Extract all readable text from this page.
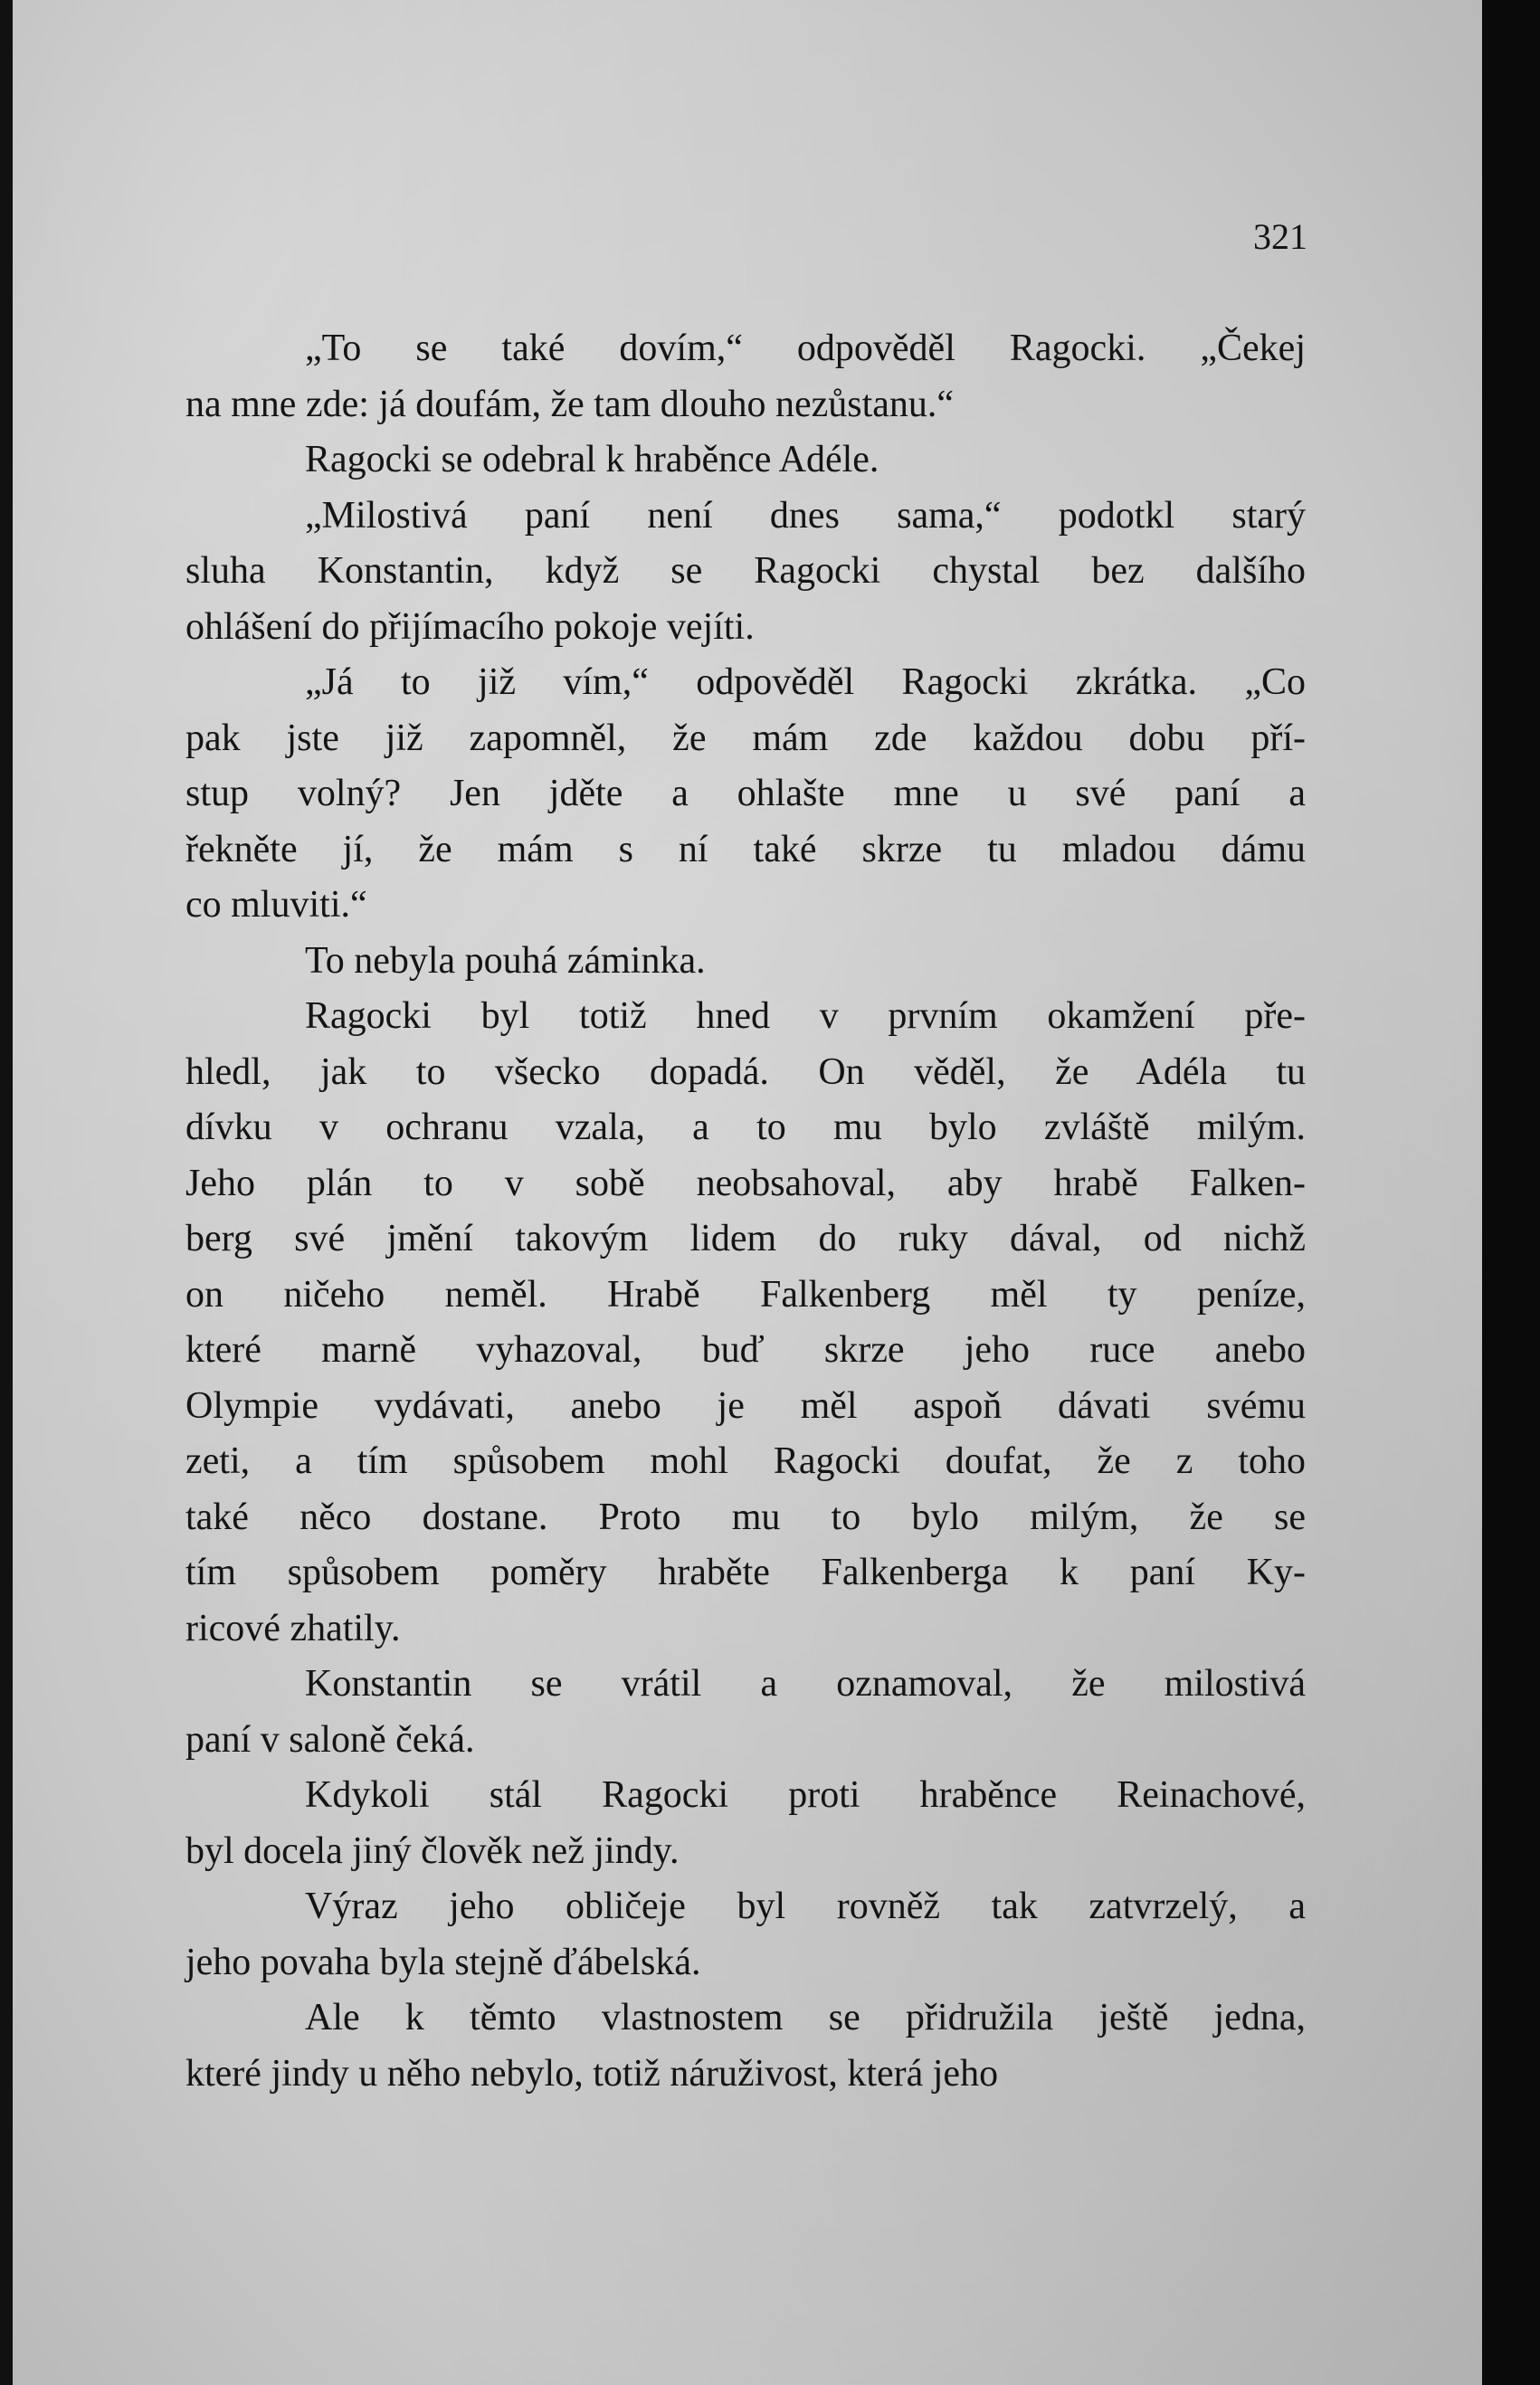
321

„To se také dovím,“ odpověděl Ragocki. „Čekej
na mne zde: já doufám, že tam dlouho nezůstanu.“
Ragocki se odebral k hraběnce Adéle.
„Milostivá paní není dnes sama,“ podotkl starý
sluha Konstantin, když se Ragocki chystal bez dalšího
ohlášení do přijímacího pokoje vejíti.
„Já to již vím,“ odpověděl Ragocki zkrátka. „Co
pak jste již zapomněl, že mám zde každou dobu pří-
stup volný? Jen jděte a ohlašte mne u své paní a
řekněte jí, že mám s ní také skrze tu mladou dámu
co mluviti.“
To nebyla pouhá záminka.
Ragocki byl totiž hned v prvním okamžení pře-
hledl, jak to všecko dopadá. On věděl, že Adéla tu
dívku v ochranu vzala, a to mu bylo zvláště milým.
Jeho plán to v sobě neobsahoval, aby hrabě Falken-
berg své jmění takovým lidem do ruky dával, od nichž
on ničeho neměl. Hrabě Falkenberg měl ty peníze,
které marně vyhazoval, buď skrze jeho ruce anebo
Olympie vydávati, anebo je měl aspoň dávati svému
zeti, a tím spůsobem mohl Ragocki doufat, že z toho
také něco dostane. Proto mu to bylo milým, že se
tím spůsobem poměry hraběte Falkenberga k paní Ky-
ricové zhatily.
Konstantin se vrátil a oznamoval, že milostivá
paní v saloně čeká.
Kdykoli stál Ragocki proti hraběnce Reinachové,
byl docela jiný člověk než jindy.
Výraz jeho obličeje byl rovněž tak zatvrzelý, a
jeho povaha byla stejně ďábelská.
Ale k těmto vlastnostem se přidružila ještě jedna,
které jindy u něho nebylo, totiž náruživost, která jeho
